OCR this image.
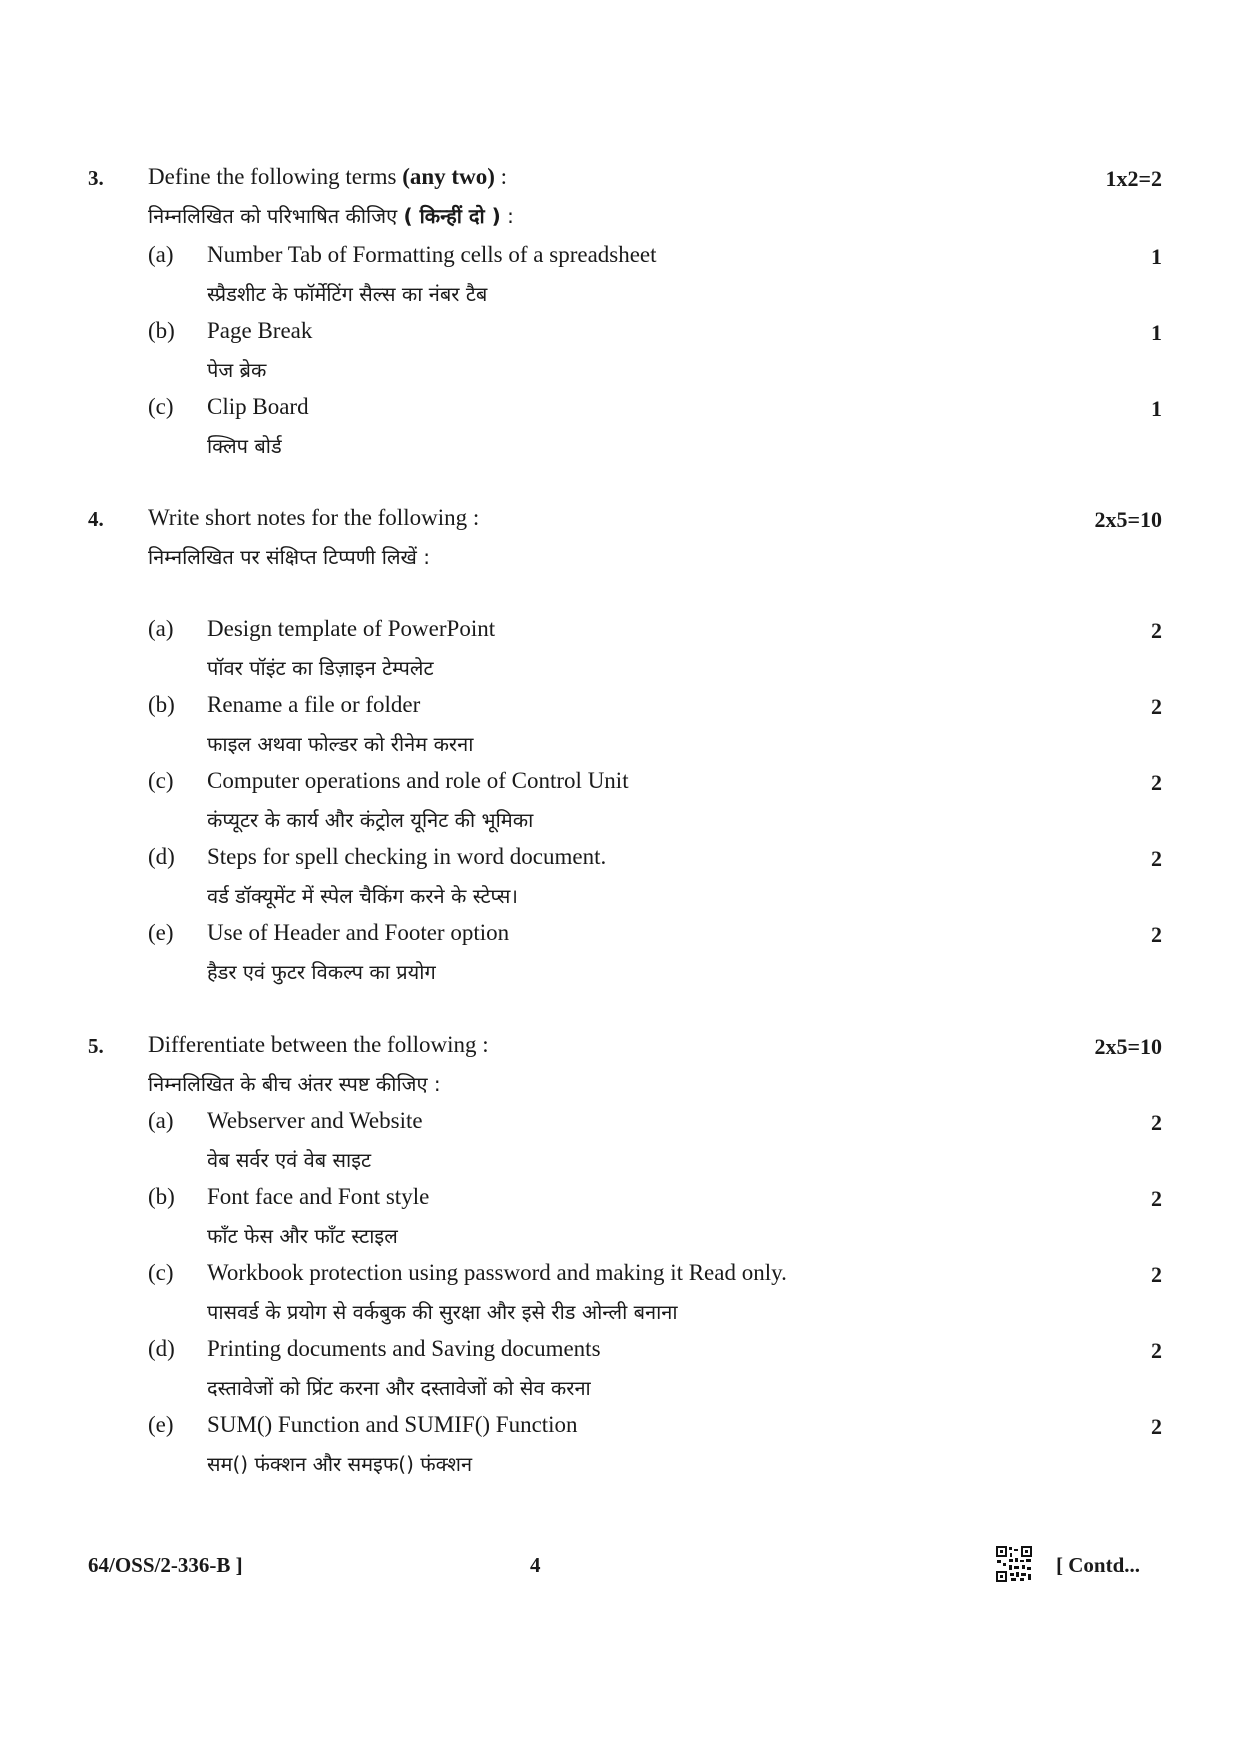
3. Define the following terms (any two) :	1x2=2
निम्नलिखित को परिभाषित कीजिए ( किन्हीं दो ) :
(a) Number Tab of Formatting cells of a spreadsheet	1
स्प्रैडशीट के फॉर्मेटिंग सैल्स का नंबर टैब
(b) Page Break	1
पेज ब्रेक
(c) Clip Board	1
क्लिप बोर्ड
4. Write short notes for the following :	2x5=10
निम्नलिखित पर संक्षिप्त टिप्पणी लिखें :
(a) Design template of PowerPoint	2
पॉवर पॉइंट का डिज़ाइन टेम्पलेट
(b) Rename a file or folder	2
फाइल अथवा फोल्डर को रीनेम करना
(c) Computer operations and role of Control Unit	2
कंप्यूटर के कार्य और कंट्रोल यूनिट की भूमिका
(d) Steps for spell checking in word document.	2
वर्ड डॉक्यूमेंट में स्पेल चैकिंग करने के स्टेप्स।
(e) Use of Header and Footer option	2
हैडर एवं फुटर विकल्प का प्रयोग
5. Differentiate between the following :	2x5=10
निम्नलिखित के बीच अंतर स्पष्ट कीजिए :
(a) Webserver and Website	2
वेब सर्वर एवं वेब साइट
(b) Font face and Font style	2
फॉंट फेस और फॉंट स्टाइल
(c) Workbook protection using password and making it Read only.	2
पासवर्ड के प्रयोग से वर्कबुक की सुरक्षा और इसे रीड ओन्ली बनाना
(d) Printing documents and Saving documents	2
दस्तावेजों को प्रिंट करना और दस्तावेजों को सेव करना
(e) SUM() Function and SUMIF() Function	2
सम() फंक्शन और समइफ() फंक्शन
64/OSS/2-336-B ]	4	[ Contd...
